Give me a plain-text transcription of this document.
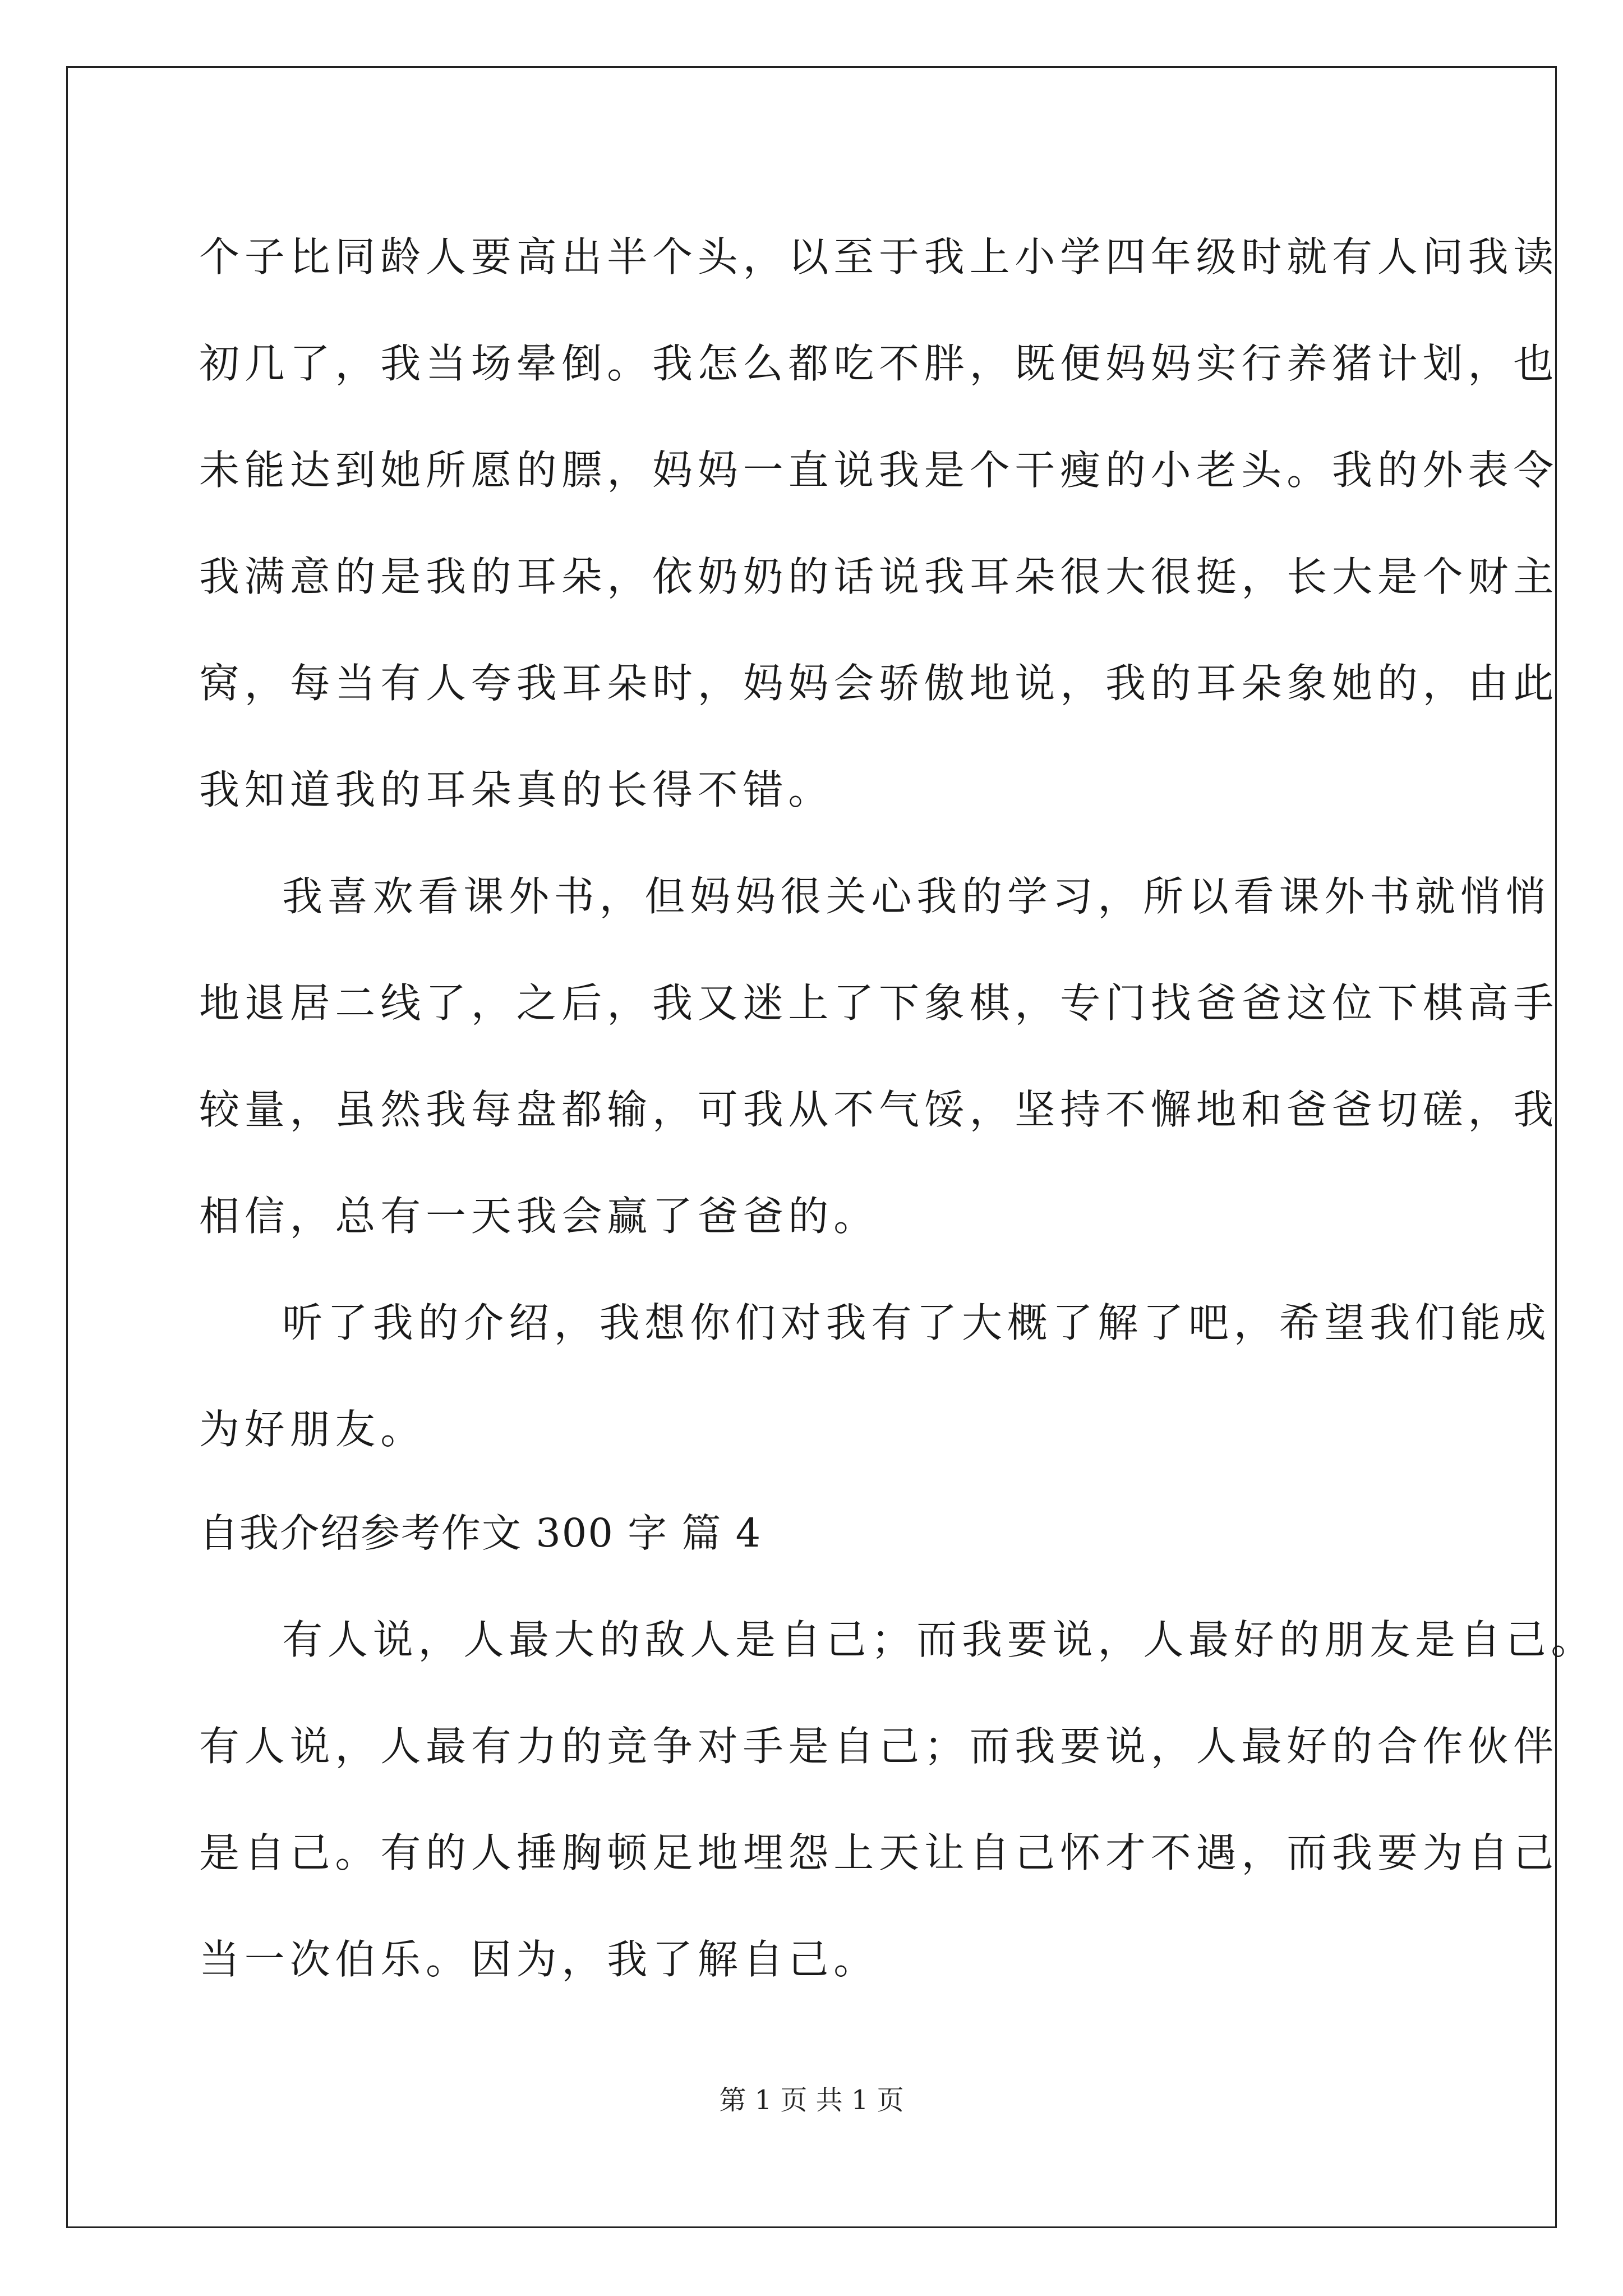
个子比同龄人要高出半个头，以至于我上小学四年级时就有人问我读
初几了，我当场晕倒。我怎么都吃不胖，既便妈妈实行养猪计划，也
未能达到她所愿的膘，妈妈一直说我是个干瘦的小老头。我的外表令
我满意的是我的耳朵，依奶奶的话说我耳朵很大很挺，长大是个财主
窝，每当有人夸我耳朵时，妈妈会骄傲地说，我的耳朵象她的，由此
我知道我的耳朵真的长得不错。
我喜欢看课外书，但妈妈很关心我的学习，所以看课外书就悄悄
地退居二线了，之后，我又迷上了下象棋，专门找爸爸这位下棋高手
较量，虽然我每盘都输，可我从不气馁，坚持不懈地和爸爸切磋，我
相信，总有一天我会赢了爸爸的。
听了我的介绍，我想你们对我有了大概了解了吧，希望我们能成
为好朋友。
自我介绍参考作文 300 字 篇 4
有人说，人最大的敌人是自己；而我要说，人最好的朋友是自己。
有人说，人最有力的竞争对手是自己；而我要说，人最好的合作伙伴
是自己。有的人捶胸顿足地埋怨上天让自己怀才不遇，而我要为自己
当一次伯乐。因为，我了解自己。
第 1 页 共 1 页
